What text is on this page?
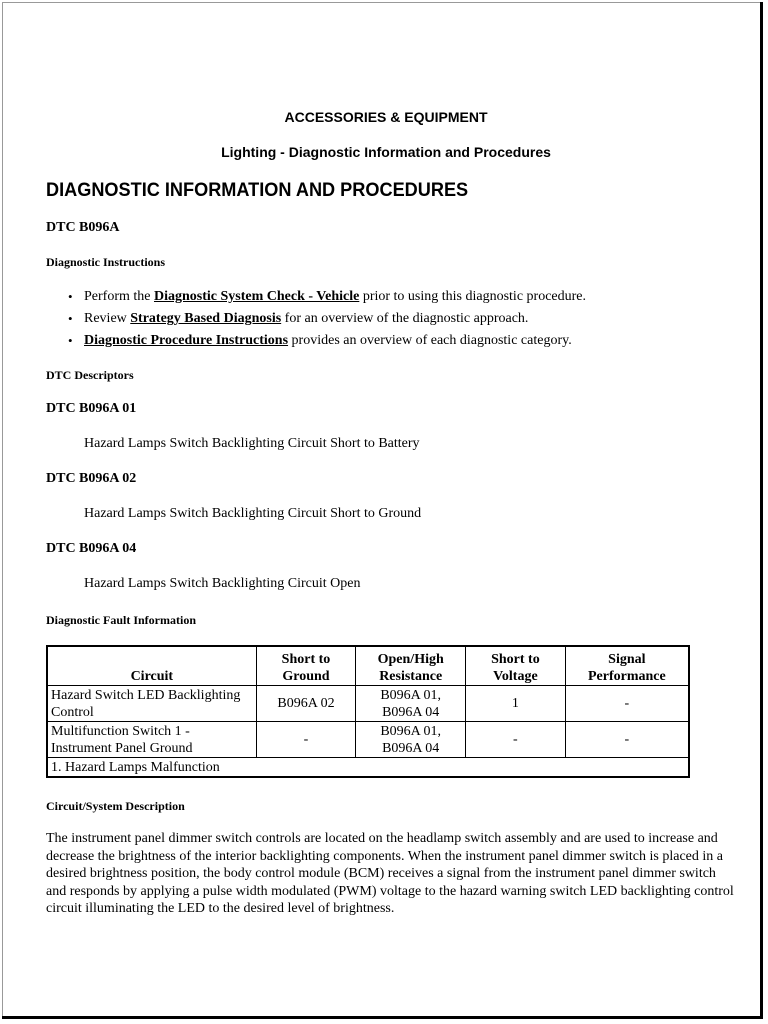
ACCESSORIES & EQUIPMENT
Lighting - Diagnostic Information and Procedures
DIAGNOSTIC INFORMATION AND PROCEDURES
DTC B096A
Diagnostic Instructions
• Perform the Diagnostic System Check - Vehicle prior to using this diagnostic procedure.
• Review Strategy Based Diagnosis for an overview of the diagnostic approach.
• Diagnostic Procedure Instructions provides an overview of each diagnostic category.
DTC Descriptors
DTC B096A 01
Hazard Lamps Switch Backlighting Circuit Short to Battery
DTC B096A 02
Hazard Lamps Switch Backlighting Circuit Short to Ground
DTC B096A 04
Hazard Lamps Switch Backlighting Circuit Open
Diagnostic Fault Information
Circuit	Short to Ground	Open/High Resistance	Short to Voltage	Signal Performance
Hazard Switch LED Backlighting Control	B096A 02	B096A 01, B096A 04	1	-
Multifunction Switch 1 - Instrument Panel Ground	-	B096A 01, B096A 04	-	-
1. Hazard Lamps Malfunction				
Circuit/System Description
The instrument panel dimmer switch controls are located on the headlamp switch assembly and are used to increase and decrease the brightness of the interior backlighting components. When the instrument panel dimmer switch is placed in a desired brightness position, the body control module (BCM) receives a signal from the instrument panel dimmer switch and responds by applying a pulse width modulated (PWM) voltage to the hazard warning switch LED backlighting control circuit illuminating the LED to the desired level of brightness.
